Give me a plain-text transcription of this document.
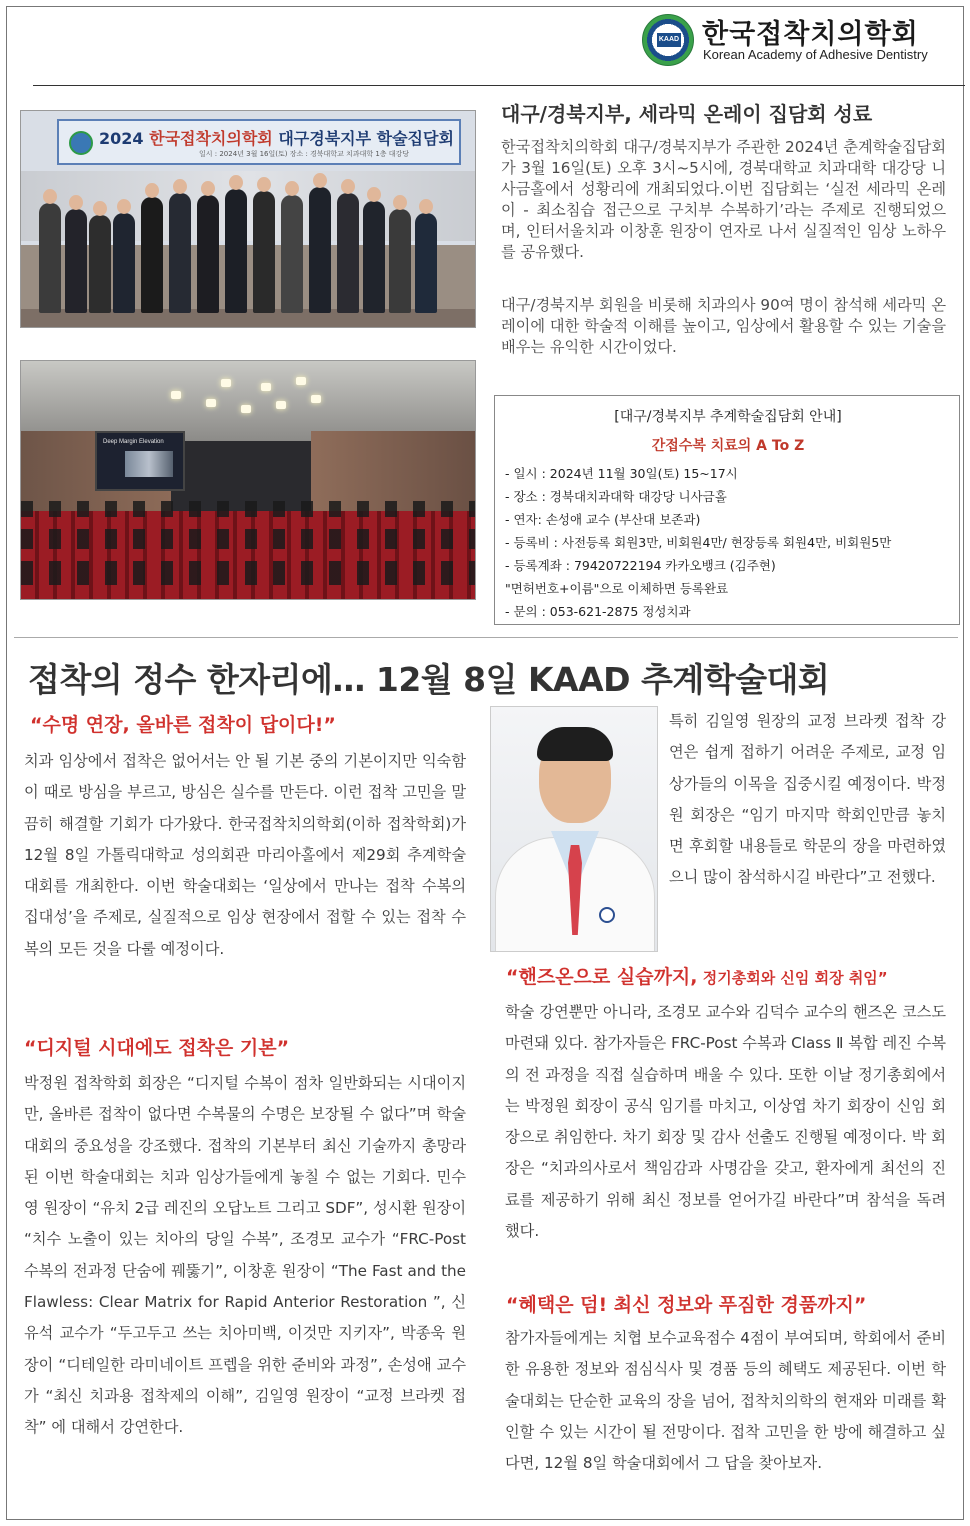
KAAD 한국접착치의학회
Korean Academy of Adhesive Dentistry
2024 한국접착치의학회 대구경북지부 학술집담회
일시 : 2024년 3월 16일(토) 장소 : 경북대학교 치과대학 1층 대강당
Deep Margin Elevation
대구/경북지부, 세라믹 온레이 집담회 성료

한국접착치의학회 대구/경북지부가 주관한 2024년 춘계학술집담회가 3월 16일(토) 오후 3시~5시에, 경북대학교 치과대학 대강당 니사금홀에서 성황리에 개최되었다.이번 집담회는 ‘실전 세라믹 온레이 - 최소침습 접근으로 구치부 수복하기’라는 주제로 진행되었으며, 인터서울치과 이창훈 원장이 연자로 나서 실질적인 임상 노하우를 공유했다.

대구/경북지부 회원을 비롯해 치과의사 90여 명이 참석해 세라믹 온레이에 대한 학술적 이해를 높이고, 임상에서 활용할 수 있는 기술을 배우는 유익한 시간이었다.

[대구/경북지부 추계학술집담회 안내]
간접수복 치료의 A To Z
- 일시 : 2024년 11월 30일(토) 15~17시
- 장소 : 경북대치과대학 대강당 니사금홀
- 연자: 손성애 교수 (부산대 보존과)
- 등록비 : 사전등록 회원3만, 비회원4만/ 현장등록 회원4만, 비회원5만
- 등록계좌 : 79420722194 카카오뱅크 (김주현)
"면허번호+이름"으로 이체하면 등록완료
- 문의 : 053-621-2875 정성치과
접착의 정수 한자리에… 12월 8일 KAAD 추계학술대회
“수명 연장, 올바른 접착이 답이다!”

치과 임상에서 접착은 없어서는 안 될 기본 중의 기본이지만 익숙함이 때로 방심을 부르고, 방심은 실수를 만든다. 이런 접착 고민을 말끔히 해결할 기회가 다가왔다. 한국접착치의학회(이하 접착학회)가 12월 8일 가톨릭대학교 성의회관 마리아홀에서 제29회 추계학술대회를 개최한다. 이번 학술대회는 ‘일상에서 만나는 접착 수복의 집대성’을 주제로, 실질적으로 임상 현장에서 접할 수 있는 접착 수복의 모든 것을 다룰 예정이다.

“디지털 시대에도 접착은 기본”

박정원 접착학회 회장은 “디지털 수복이 점차 일반화되는 시대이지만, 올바른 접착이 없다면 수복물의 수명은 보장될 수 없다”며 학술대회의 중요성을 강조했다. 접착의 기본부터 최신 기술까지 총망라된 이번 학술대회는 치과 임상가들에게 놓칠 수 없는 기회다. 민수영 원장이 “유치 2급 레진의 오답노트 그리고 SDF”, 성시환 원장이 “치수 노출이 있는 치아의 당일 수복”, 조경모 교수가 “FRC-Post 수복의 전과정 단숨에 꿰뚫기”, 이창훈 원장이 “The Fast and the Flawless: Clear Matrix for Rapid Anterior Restoration ”, 신유석 교수가 “두고두고 쓰는 치아미백, 이것만 지키자”, 박종욱 원장이 “디테일한 라미네이트 프렙을 위한 준비와 과정”, 손성애 교수가 “최신 치과용 접착제의 이해”, 김일영 원장이 “교정 브라켓 접착” 에 대해서 강연한다.

특히 김일영 원장의 교정 브라켓 접착 강연은 쉽게 접하기 어려운 주제로, 교정 임상가들의 이목을 집중시킬 예정이다. 박정원 회장은 “임기 마지막 학회인만큼 놓치면 후회할 내용들로 학문의 장을 마련하였으니 많이 참석하시길 바란다”고 전했다.

“핸즈온으로 실습까지, 정기총회와 신임 회장 취임”

학술 강연뿐만 아니라, 조경모 교수와 김덕수 교수의 핸즈온 코스도 마련돼 있다. 참가자들은 FRC-Post 수복과 Class Ⅱ 복합 레진 수복의 전 과정을 직접 실습하며 배울 수 있다. 또한 이날 정기총회에서는 박정원 회장이 공식 임기를 마치고, 이상엽 차기 회장이 신임 회장으로 취임한다. 차기 회장 및 감사 선출도 진행될 예정이다. 박 회장은 “치과의사로서 책임감과 사명감을 갖고, 환자에게 최선의 진료를 제공하기 위해 최신 정보를 얻어가길 바란다”며 참석을 독려했다.

“혜택은 덤! 최신 정보와 푸짐한 경품까지”

참가자들에게는 치협 보수교육점수 4점이 부여되며, 학회에서 준비한 유용한 정보와 점심식사 및 경품 등의 혜택도 제공된다. 이번 학술대회는 단순한 교육의 장을 넘어, 접착치의학의 현재와 미래를 확인할 수 있는 시간이 될 전망이다. 접착 고민을 한 방에 해결하고 싶다면, 12월 8일 학술대회에서 그 답을 찾아보자.
